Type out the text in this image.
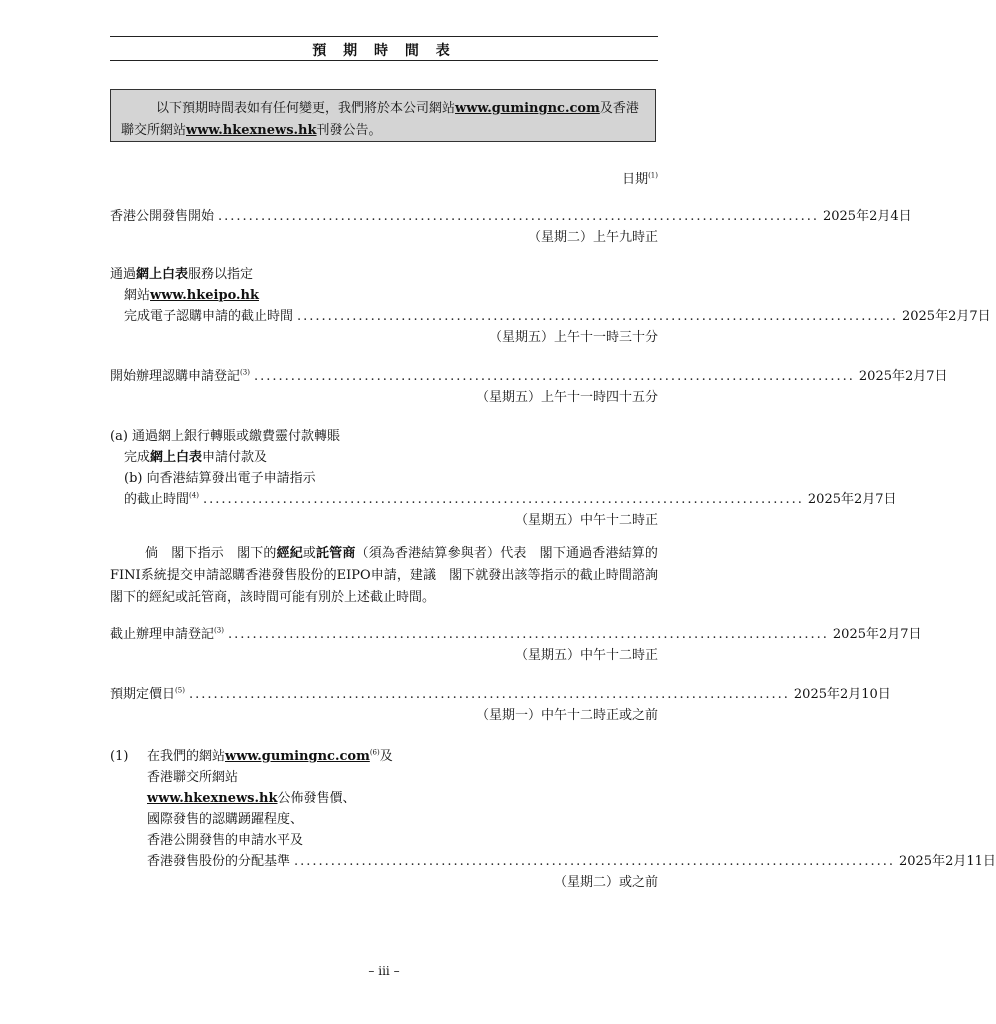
預 期 時 間 表
以下預期時間表如有任何變更，我們將於本公司網站www.gumingnc.com及香港
聯交所網站www.hkexnews.hk刊發公告。
日期$^{(1)}$
香港公開發售開始 .................................................................................................. 2025年2月4日
（星期二）上午九時正
通過網上白表服務以指定
網站www.hkeipo.hk
完成電子認購申請的截止時間 .................................................................................................. 2025年2月7日
（星期五）上午十一時三十分
開始辦理認購申請登記$^{(3)}$ .................................................................................................. 2025年2月7日
（星期五）上午十一時四十五分
(a) 通過網上銀行轉賬或繳費靈付款轉賬
完成網上白表申請付款及
(b) 向香港結算發出電子申請指示
的截止時間$^{(4)}$ .................................................................................................. 2025年2月7日
（星期五）中午十二時正
倘　閣下指示　閣下的經紀或託管商（須為香港結算參與者）代表　閣下通過香港結算的FINI系統提交申請認購香港發售股份的EIPO申請，建議　閣下就發出該等指示的截止時間諮詢　閣下的經紀或託管商，該時間可能有別於上述截止時間。
截止辦理申請登記$^{(3)}$ .................................................................................................. 2025年2月7日
（星期五）中午十二時正
預期定價日$^{(5)}$ .................................................................................................. 2025年2月10日
（星期一）中午十二時正或之前
(1) 在我們的網站www.gumingnc.com$^{(6)}$及
香港聯交所網站
www.hkexnews.hk公佈發售價、
國際發售的認購踴躍程度、
香港公開發售的申請水平及
香港發售股份的分配基準 .................................................................................................. 2025年2月11日
（星期二）或之前
– iii –
